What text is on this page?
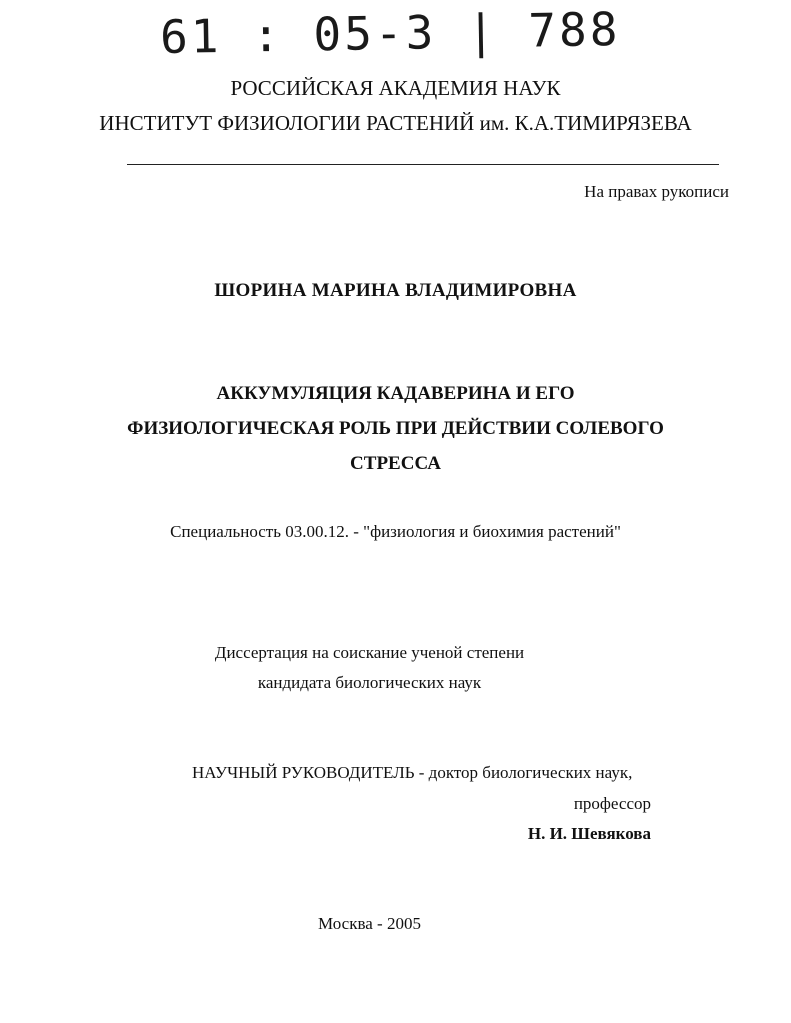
61 : 05-3 | 788
РОССИЙСКАЯ АКАДЕМИЯ НАУК
ИНСТИТУТ ФИЗИОЛОГИИ РАСТЕНИЙ им. К.А.ТИМИРЯЗЕВА
На правах рукописи
ШОРИНА МАРИНА ВЛАДИМИРОВНА
АККУМУЛЯЦИЯ КАДАВЕРИНА И ЕГО
ФИЗИОЛОГИЧЕСКАЯ РОЛЬ ПРИ ДЕЙСТВИИ СОЛЕВОГО
СТРЕССА
Специальность 03.00.12. - "физиология и биохимия растений"
Диссертация на соискание ученой степени
кандидата биологических наук
НАУЧНЫЙ РУКОВОДИТЕЛЬ - доктор биологических наук,
профессор
Н. И. Шевякова
Москва - 2005
